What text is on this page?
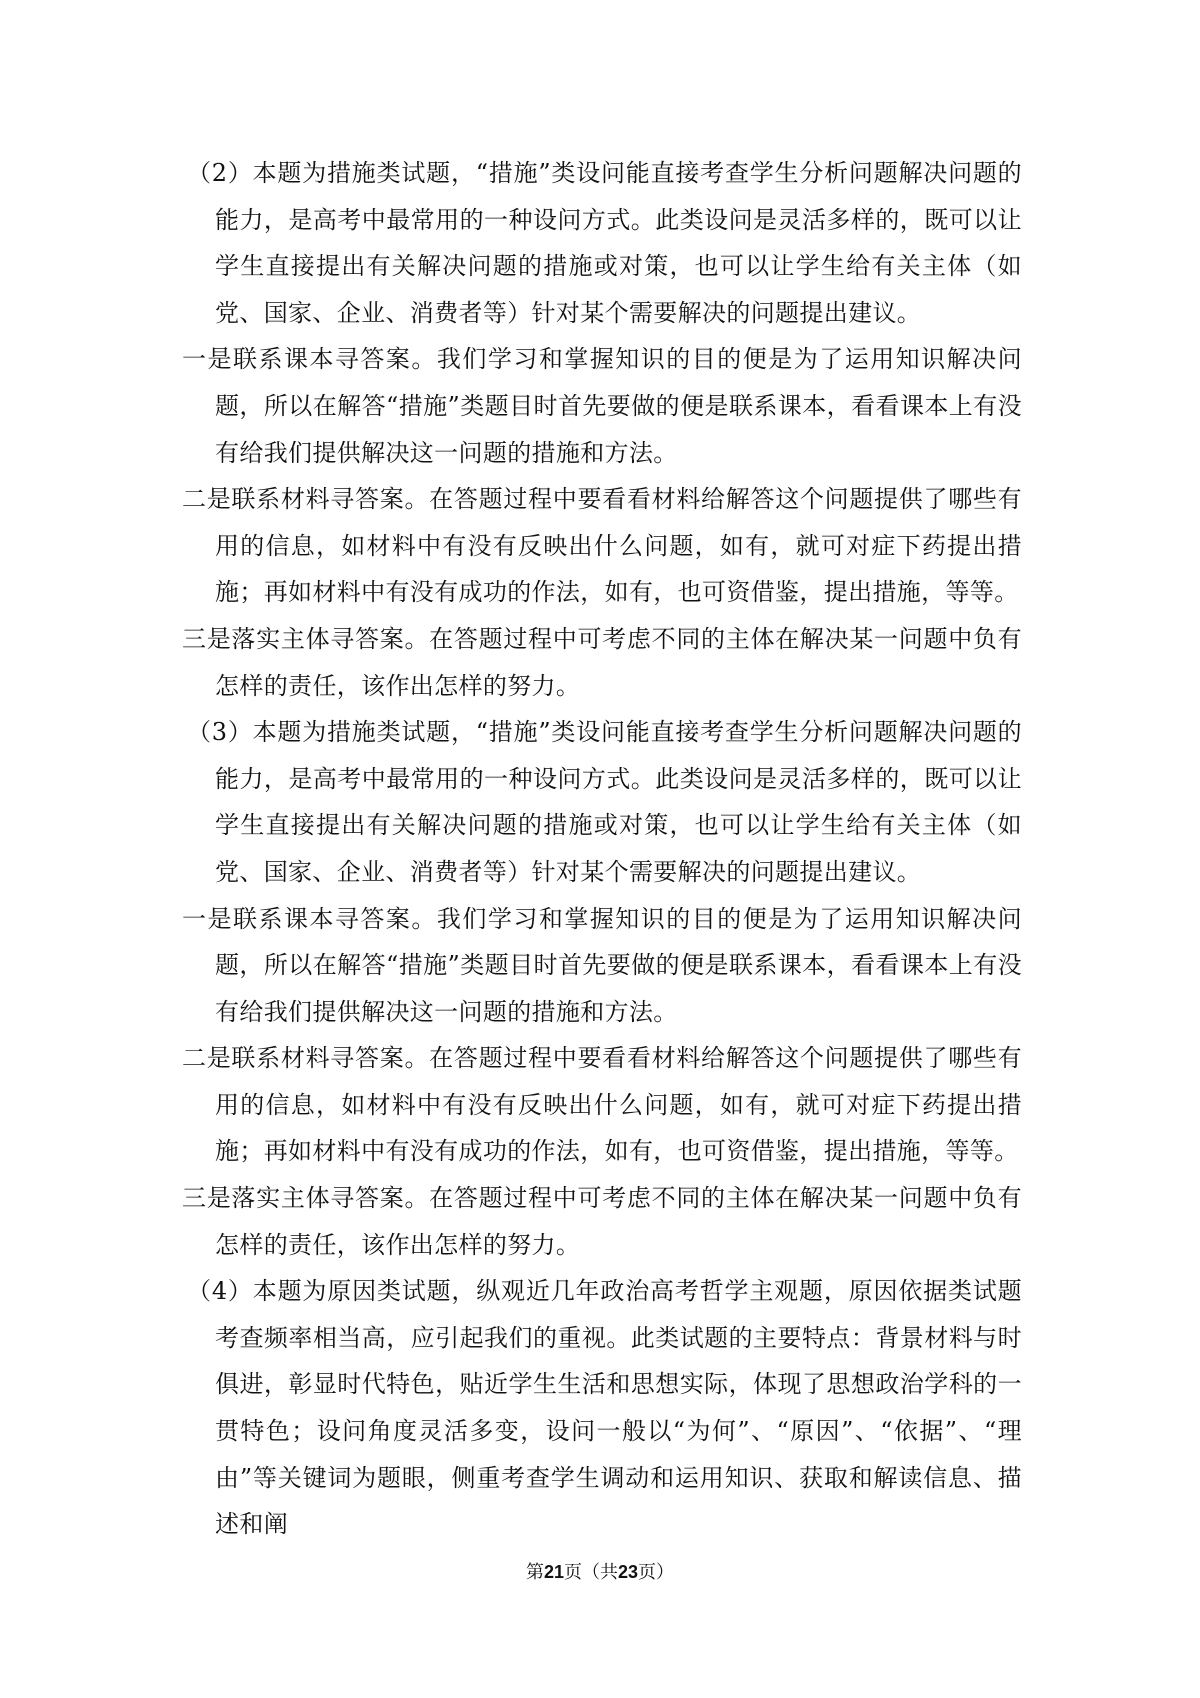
（2）本题为措施类试题，“措施”类设问能直接考查学生分析问题解决问题的能力，是高考中最常用的一种设问方式。此类设问是灵活多样的，既可以让学生直接提出有关解决问题的措施或对策，也可以让学生给有关主体（如党、国家、企业、消费者等）针对某个需要解决的问题提出建议。

一是联系课本寻答案。我们学习和掌握知识的目的便是为了运用知识解决问题，所以在解答“措施”类题目时首先要做的便是联系课本，看看课本上有没有给我们提供解决这一问题的措施和方法。

二是联系材料寻答案。在答题过程中要看看材料给解答这个问题提供了哪些有用的信息，如材料中有没有反映出什么问题，如有，就可对症下药提出措施；再如材料中有没有成功的作法，如有，也可资借鉴，提出措施，等等。

三是落实主体寻答案。在答题过程中可考虑不同的主体在解决某一问题中负有怎样的责任，该作出怎样的努力。

（3）本题为措施类试题，“措施”类设问能直接考查学生分析问题解决问题的能力，是高考中最常用的一种设问方式。此类设问是灵活多样的，既可以让学生直接提出有关解决问题的措施或对策，也可以让学生给有关主体（如党、国家、企业、消费者等）针对某个需要解决的问题提出建议。

一是联系课本寻答案。我们学习和掌握知识的目的便是为了运用知识解决问题，所以在解答“措施”类题目时首先要做的便是联系课本，看看课本上有没有给我们提供解决这一问题的措施和方法。

二是联系材料寻答案。在答题过程中要看看材料给解答这个问题提供了哪些有用的信息，如材料中有没有反映出什么问题，如有，就可对症下药提出措施；再如材料中有没有成功的作法，如有，也可资借鉴，提出措施，等等。

三是落实主体寻答案。在答题过程中可考虑不同的主体在解决某一问题中负有怎样的责任，该作出怎样的努力。

（4）本题为原因类试题，纵观近几年政治高考哲学主观题，原因依据类试题考查频率相当高，应引起我们的重视。此类试题的主要特点：背景材料与时俱进，彰显时代特色，贴近学生生活和思想实际，体现了思想政治学科的一贯特色；设问角度灵活多变，设问一般以“为何”、“原因”、“依据”、“理由”等关键词为题眼，侧重考查学生调动和运用知识、获取和解读信息、描述和阐

第21页（共23页）
